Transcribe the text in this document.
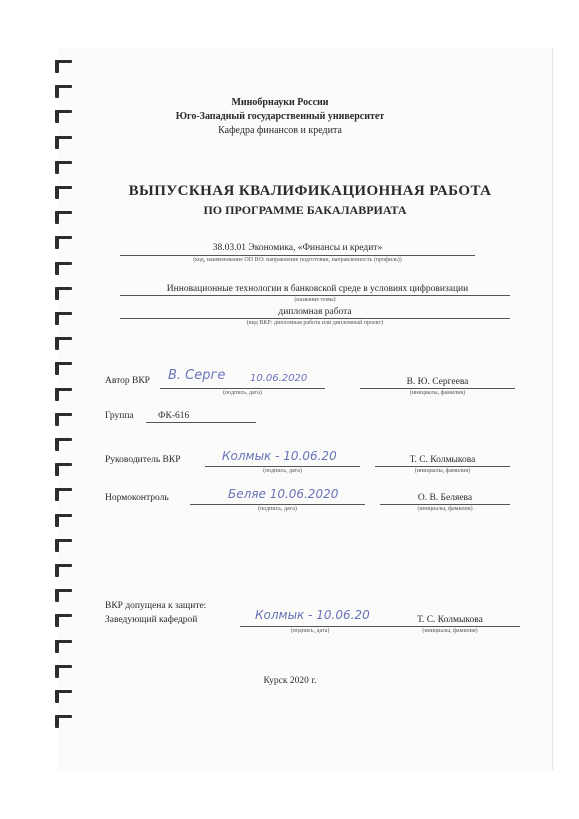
Минобрнауки России
Юго-Западный государственный университет
Кафедра финансов и кредита
ВЫПУСКНАЯ КВАЛИФИКАЦИОННАЯ РАБОТА
ПО ПРОГРАММЕ БАКАЛАВРИАТА
38.03.01 Экономика, «Финансы и кредит»
(код, наименование ОП ВО: направление подготовки, направленность (профиль))
Инновационные технологии в банковской среде в условиях цифровизации
(название темы)
дипломная работа
(вид ВКР: дипломная работа или дипломный проект)
Автор ВКР В. Серге 10.06.2020
(подпись, дата)
В. Ю. Сергеева
(инициалы, фамилия)
Группа	ФК-616
Руководитель ВКР	Колмык - 10.06.20
(подпись, дата)
Т. С. Колмыкова
(инициалы, фамилия)
Нормоконтроль	Беляе 10.06.2020
(подпись, дата)
О. В. Беляева
(инициалы, фамилия)
ВКР допущена к защите:
Заведующий кафедрой	Колмык - 10.06.20
(подпись, дата)
Т. С. Колмыкова
(инициалы, фамилия)
Курск 2020 г.
